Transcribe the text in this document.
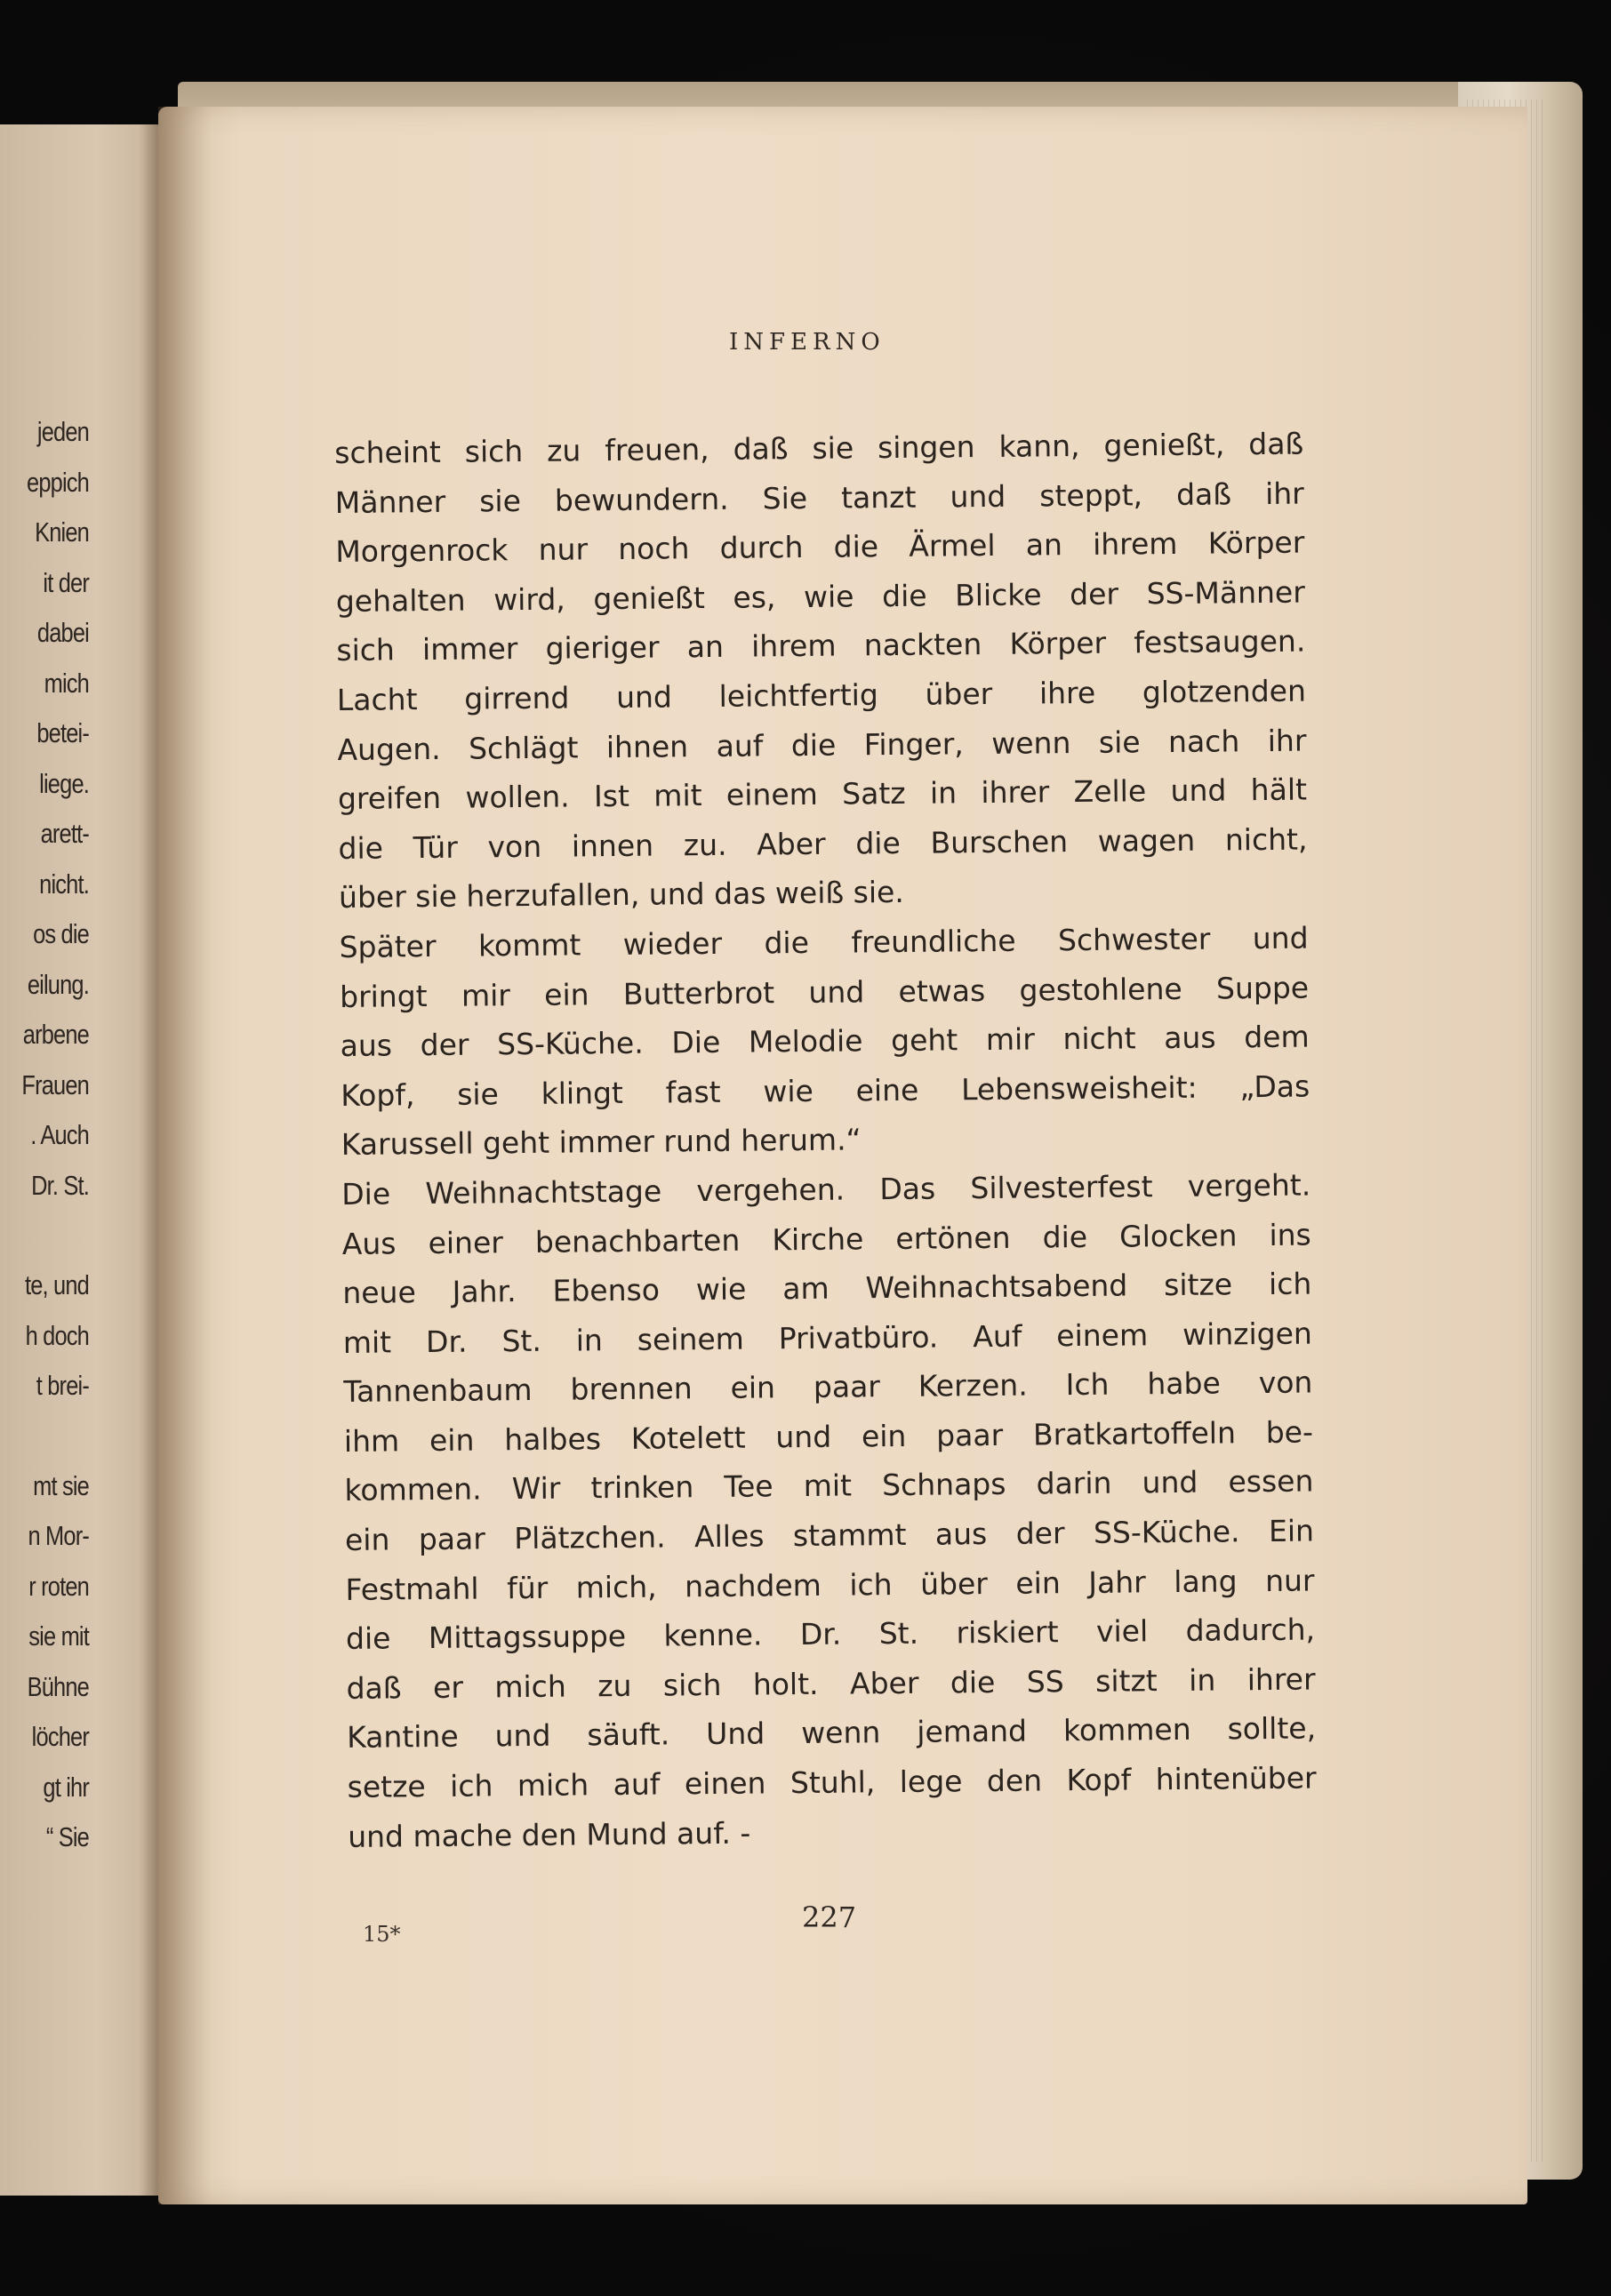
jeden
eppich
Knien
it der
dabei
mich
betei-
liege.
arett-
nicht.
os die
eilung.
arbene
Frauen
. Auch
Dr. St.
te, und
h doch
t brei-
mt sie
n Mor-
r roten
sie mit
Bühne
löcher
gt ihr
“ Sie
INFERNO
scheint sich zu freuen, daß sie singen kann, genießt, daß
Männer sie bewundern. Sie tanzt und steppt, daß ihr
Morgenrock nur noch durch die Ärmel an ihrem Körper
gehalten wird, genießt es, wie die Blicke der SS-Männer
sich immer gieriger an ihrem nackten Körper festsaugen.
Lacht girrend und leichtfertig über ihre glotzenden
Augen. Schlägt ihnen auf die Finger, wenn sie nach ihr
greifen wollen. Ist mit einem Satz in ihrer Zelle und hält
die Tür von innen zu. Aber die Burschen wagen nicht,
über sie herzufallen, und das weiß sie.
Später kommt wieder die freundliche Schwester und
bringt mir ein Butterbrot und etwas gestohlene Suppe
aus der SS-Küche. Die Melodie geht mir nicht aus dem
Kopf, sie klingt fast wie eine Lebensweisheit: „Das
Karussell geht immer rund herum.“
Die Weihnachtstage vergehen. Das Silvesterfest vergeht.
Aus einer benachbarten Kirche ertönen die Glocken ins
neue Jahr. Ebenso wie am Weihnachtsabend sitze ich
mit Dr. St. in seinem Privatbüro. Auf einem winzigen
Tannenbaum brennen ein paar Kerzen. Ich habe von
ihm ein halbes Kotelett und ein paar Bratkartoffeln be-
kommen. Wir trinken Tee mit Schnaps darin und essen
ein paar Plätzchen. Alles stammt aus der SS-Küche. Ein
Festmahl für mich, nachdem ich über ein Jahr lang nur
die Mittagssuppe kenne. Dr. St. riskiert viel dadurch,
daß er mich zu sich holt. Aber die SS sitzt in ihrer
Kantine und säuft. Und wenn jemand kommen sollte,
setze ich mich auf einen Stuhl, lege den Kopf hintenüber
und mache den Mund auf. -

15*	227
